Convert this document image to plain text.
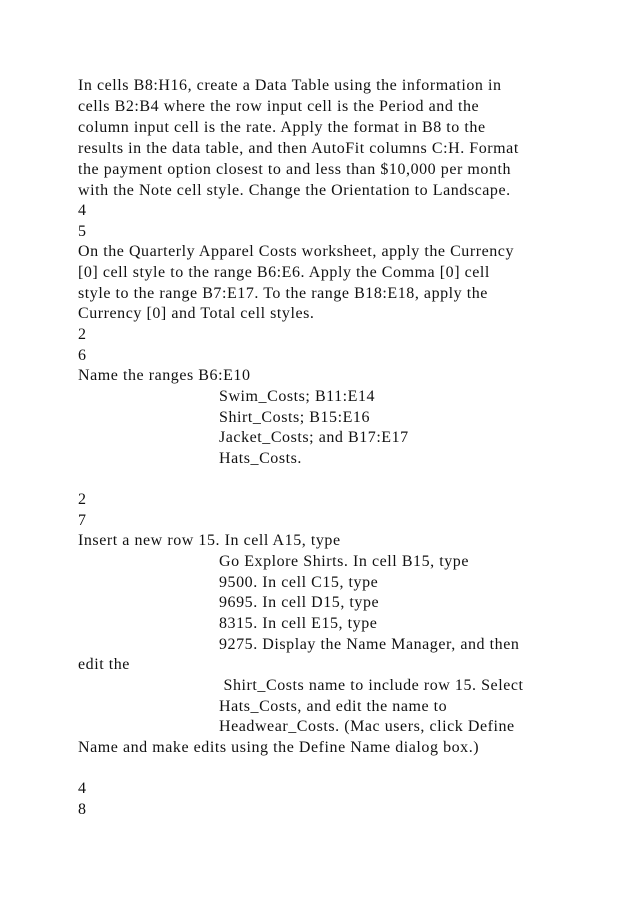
In cells B8:H16, create a Data Table using the information in
cells B2:B4 where the row input cell is the Period and the
column input cell is the rate. Apply the format in B8 to the
results in the data table, and then AutoFit columns C:H. Format
the payment option closest to and less than $10,000 per month
with the Note cell style. Change the Orientation to Landscape.
4
5
On the Quarterly Apparel Costs worksheet, apply the Currency
[0] cell style to the range B6:E6. Apply the Comma [0] cell
style to the range B7:E17. To the range B18:E18, apply the
Currency [0] and Total cell styles.
2
6
Name the ranges B6:E10
Swim_Costs; B11:E14
Shirt_Costs; B15:E16
Jacket_Costs; and B17:E17
Hats_Costs.
2
7
Insert a new row 15. In cell A15, type
Go Explore Shirts. In cell B15, type
9500. In cell C15, type
9695. In cell D15, type
8315. In cell E15, type
9275. Display the Name Manager, and then
edit the
Shirt_Costs name to include row 15. Select
Hats_Costs, and edit the name to
Headwear_Costs. (Mac users, click Define
Name and make edits using the Define Name dialog box.)
4
8
